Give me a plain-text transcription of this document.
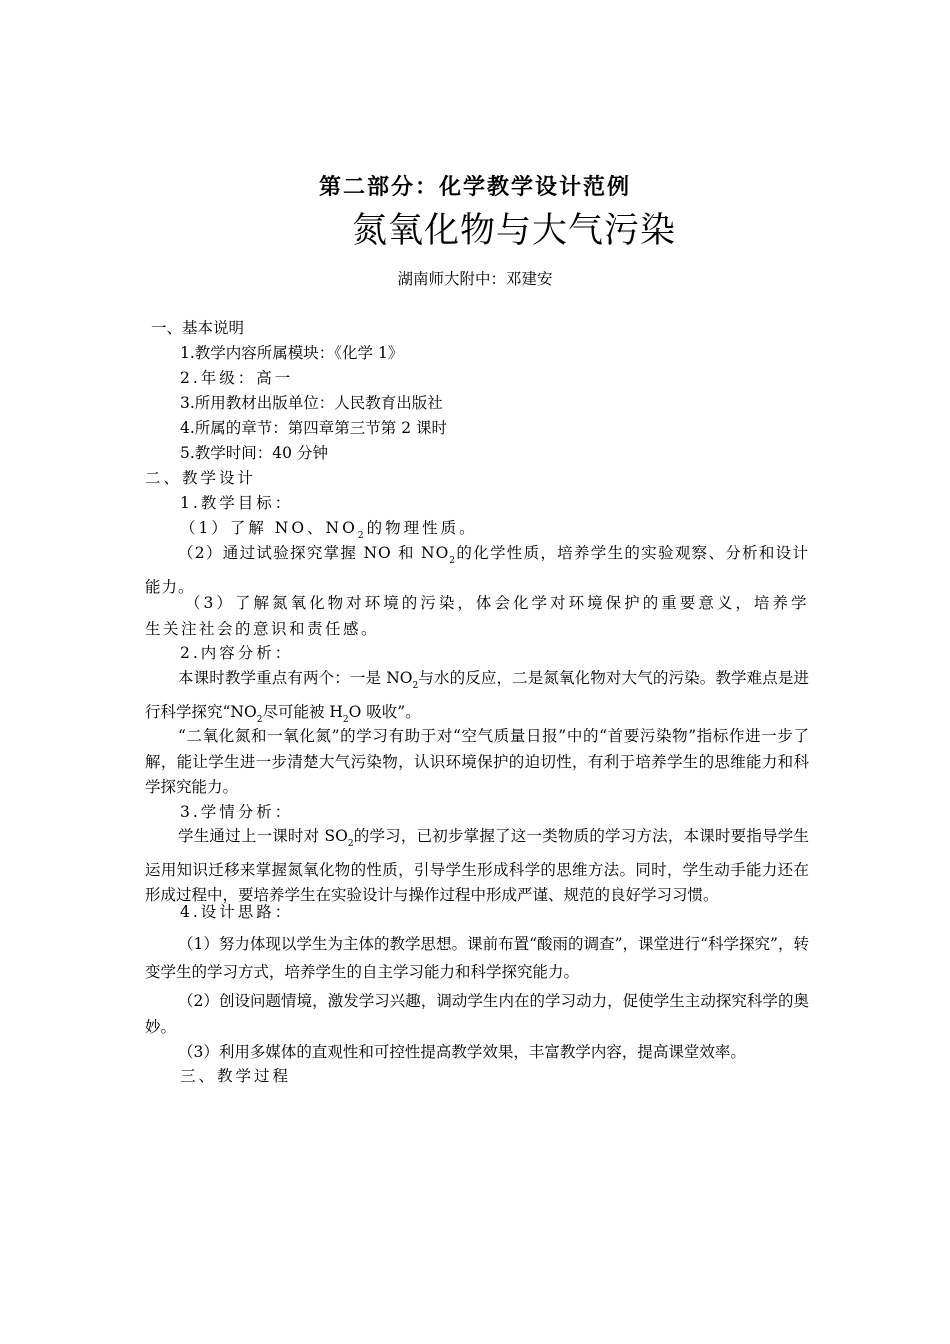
第二部分：化学教学设计范例
氮氧化物与大气污染
湖南师大附中：邓建安
一、基本说明
1.教学内容所属模块：《化学 1》
2.年级：高一
3.所用教材出版单位：人民教育出版社
4.所属的章节：第四章第三节第 2 课时
5.教学时间：40 分钟
二、教学设计
1.教学目标：
（1）了解 NO、$NO_2$的物理性质。
（2）通过试验探究掌握 NO 和 $NO_2$的化学性质，培养学生的实验观察、分析和设计能力。
（3）了解氮氧化物对环境的污染，体会化学对环境保护的重要意义，培养学生关注社会的意识和责任感。
2.内容分析：
本课时教学重点有两个：一是 $NO_2$与水的反应，二是氮氧化物对大气的污染。教学难点是进行科学探究“$NO_2$尽可能被 $H_2O$ 吸收”。
“二氧化氮和一氧化氮”的学习有助于对“空气质量日报”中的“首要污染物”指标作进一步了解，能让学生进一步清楚大气污染物，认识环境保护的迫切性，有利于培养学生的思维能力和科学探究能力。
3.学情分析：
学生通过上一课时对 $SO_2$的学习，已初步掌握了这一类物质的学习方法，本课时要指导学生运用知识迁移来掌握氮氧化物的性质，引导学生形成科学的思维方法。同时，学生动手能力还在形成过程中，要培养学生在实验设计与操作过程中形成严谨、规范的良好学习习惯。
4.设计思路：
（1）努力体现以学生为主体的教学思想。课前布置“酸雨的调查”，课堂进行“科学探究”，转变学生的学习方式，培养学生的自主学习能力和科学探究能力。
（2）创设问题情境，激发学习兴趣，调动学生内在的学习动力，促使学生主动探究科学的奥妙。
（3）利用多媒体的直观性和可控性提高教学效果，丰富教学内容，提高课堂效率。
三、教学过程
